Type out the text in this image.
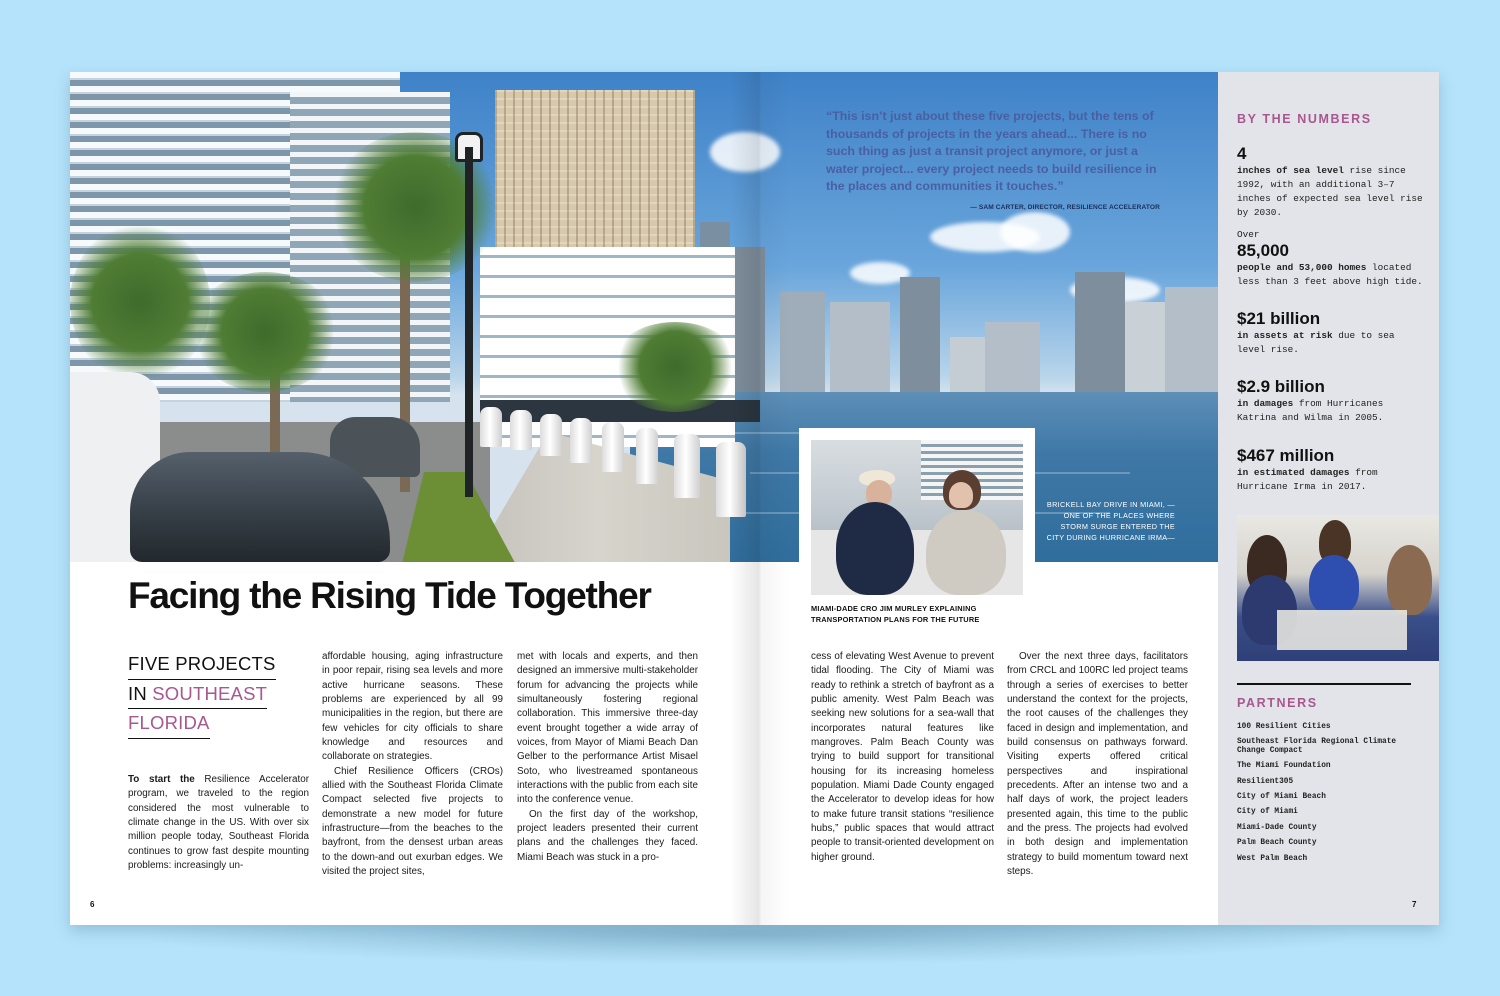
“This isn’t just about these five projects, but the tens of thousands of projects in the years ahead... There is no such thing as just a transit project anymore, or just a water project... every project needs to build resilience in the places and communities it touches.”
— SAM CARTER, DIRECTOR, RESILIENCE ACCELERATOR
BRICKELL BAY DRIVE IN MIAMI, —ONE OF THE PLACES WHERE STORM SURGE ENTERED THE CITY DURING HURRICANE IRMA—
MIAMI-DADE CRO JIM MURLEY EXPLAINING TRANSPORTATION PLANS FOR THE FUTURE
Facing the Rising Tide Together
FIVE PROJECTS
IN SOUTHEAST
FLORIDA

To start the Resilience Accelerator program, we traveled to the region considered the most vulnerable to climate change in the US. With over six million people today, Southeast Florida continues to grow fast despite mounting problems: increasingly un-

affordable housing, aging infrastructure in poor repair, rising sea levels and more active hurricane seasons. These problems are experienced by all 99 municipalities in the region, but there are few vehicles for city officials to share knowledge and resources and collaborate on strategies.

Chief Resilience Officers (CROs) allied with the Southeast Florida Climate Compact selected five projects to demonstrate a new model for future infrastructure—from the beaches to the bayfront, from the densest urban areas to the down-and out exurban edges. We visited the project sites,

met with locals and experts, and then designed an immersive multi-stakeholder forum for advancing the projects while simultaneously fostering regional collaboration. This immersive three-day event brought together a wide array of voices, from Mayor of Miami Beach Dan Gelber to the performance Artist Misael Soto, who livestreamed spontaneous interactions with the public from each site into the conference venue.

On the first day of the workshop, project leaders presented their current plans and the challenges they faced. Miami Beach was stuck in a pro-

6

cess of elevating West Avenue to prevent tidal flooding. The City of Miami was ready to rethink a stretch of bayfront as a public amenity. West Palm Beach was seeking new solutions for a sea-wall that incorporates natural features like mangroves. Palm Beach County was trying to build support for transitional housing for its increasing homeless population. Miami Dade County engaged the Accelerator to develop ideas for how to make future transit stations “resilience hubs,” public spaces that would attract people to transit-oriented development on higher ground.

Over the next three days, facilitators from CRCL and 100RC led project teams through a series of exercises to better understand the context for the projects, the root causes of the challenges they faced in design and implementation, and build consensus on pathways forward. Visiting experts offered critical perspectives and inspirational precedents. After an intense two and a half days of work, the project leaders presented again, this time to the public and the press. The projects had evolved in both design and implementation strategy to build momentum toward next steps.

BY THE NUMBERS
4
inches of sea level rise since 1992, with an additional 3–7 inches of expected sea level rise by 2030.
Over
85,000
people and 53,000 homes located less than 3 feet above high tide.
$21 billion
in assets at risk due to sea level rise.
$2.9 billion
in damages from Hurricanes Katrina and Wilma in 2005.
$467 million
in estimated damages from Hurricane Irma in 2017.
PARTNERS
100 Resilient Cities
Southeast Florida Regional Climate Change Compact
The Miami Foundation
Resilient305
City of Miami Beach
City of Miami
Miami-Dade County
Palm Beach County
West Palm Beach
7
